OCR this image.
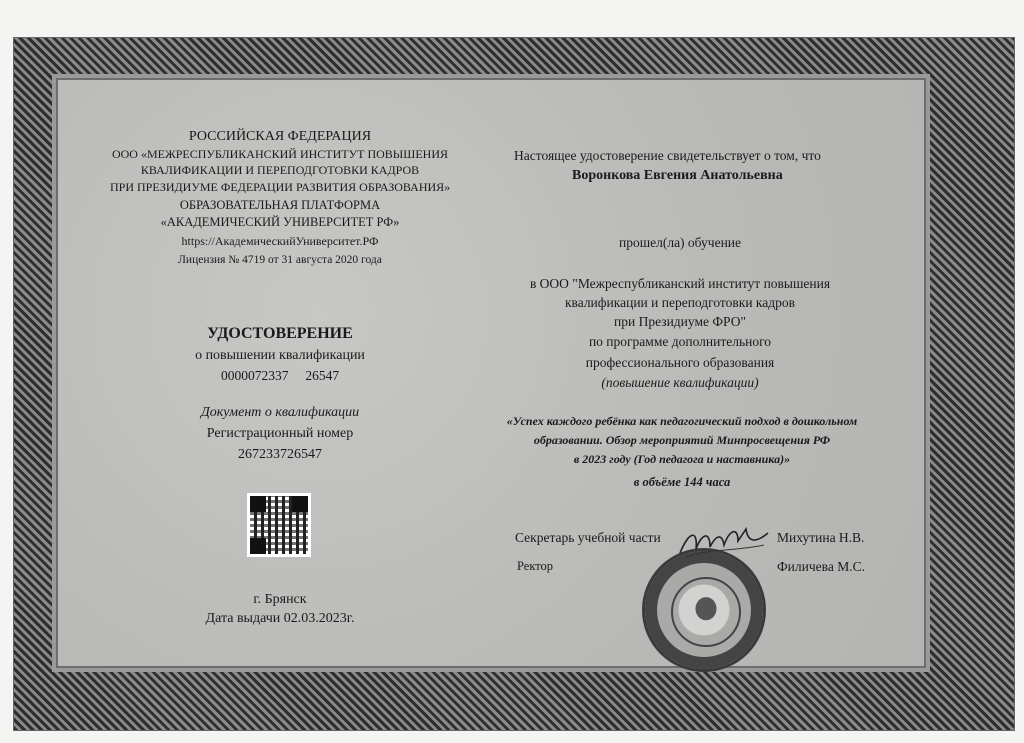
РОССИЙСКАЯ ФЕДЕРАЦИЯ
ООО «МЕЖРЕСПУБЛИКАНСКИЙ ИНСТИТУТ ПОВЫШЕНИЯ
КВАЛИФИКАЦИИ И ПЕРЕПОДГОТОВКИ КАДРОВ
ПРИ ПРЕЗИДИУМЕ ФЕДЕРАЦИИ РАЗВИТИЯ ОБРАЗОВАНИЯ»
ОБРАЗОВАТЕЛЬНАЯ ПЛАТФОРМА
«АКАДЕМИЧЕСКИЙ УНИВЕРСИТЕТ РФ»
https://АкадемическийУниверситет.РФ
Лицензия № 4719 от 31 августа 2020 года
УДОСТОВЕРЕНИЕ
о повышении квалификации
0000072337     26547
Документ о квалификации
Регистрационный номер
267233726547
г. Брянск
Дата выдачи 02.03.2023г.
Настоящее удостоверение свидетельствует о том, что
Воронкова Евгения Анатольевна
прошел(ла) обучение
в ООО "Межреспубликанский институт повышения
квалификации и переподготовки кадров
при Президиуме ФРО"
по программе дополнительного
профессионального образования
(повышение квалификации)
«Успех каждого ребёнка как педагогический подход в дошкольном
образовании. Обзор мероприятий Минпросвещения РФ
в 2023 году (Год педагога и наставника)»
в объёме 144 часа
Секретарь учебной части	Михутина Н.В.
Ректор	Филичева М.С.
